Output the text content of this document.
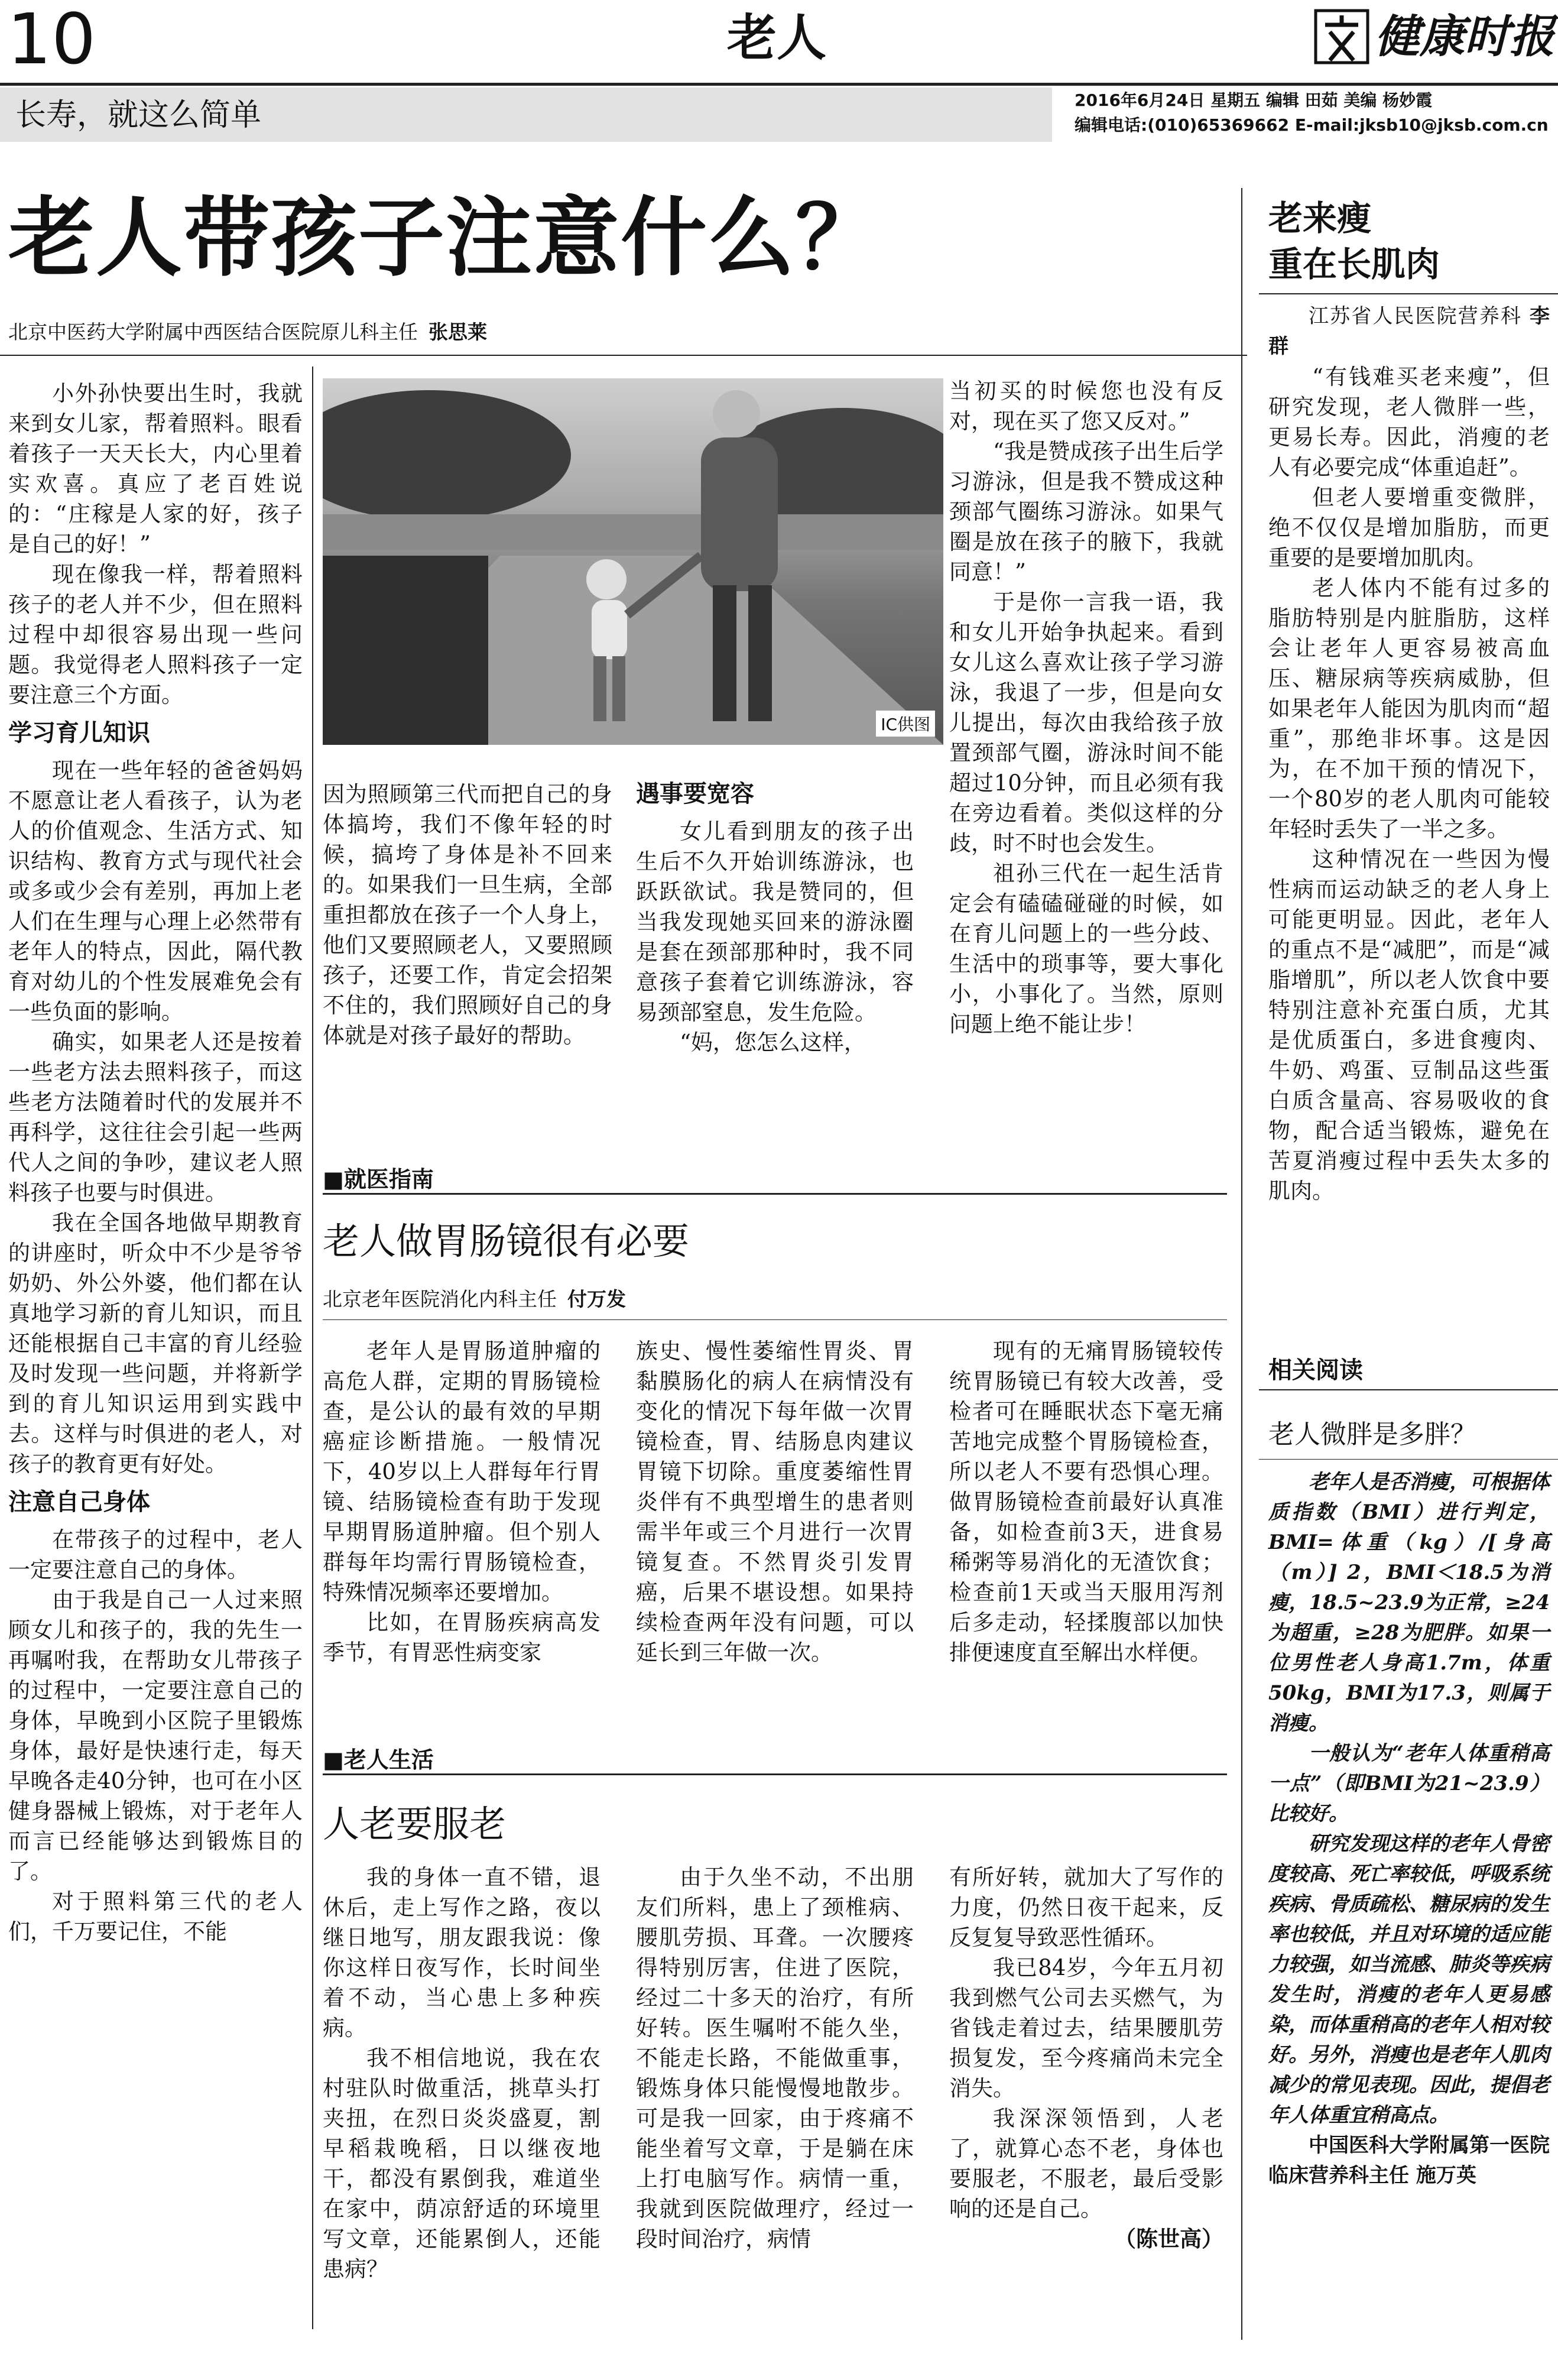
10	老人	健康时报
长寿，就这么简单	2016年6月24日 星期五 编辑 田茹 美编 杨妙霞
编辑电话:(010)65369662 E-mail:jksb10@jksb.com.cn
老人带孩子注意什么？
北京中医药大学附属中西医结合医院原儿科主任 张思莱
IC供图

小外孙快要出生时，我就来到女儿家，帮着照料。眼看着孩子一天天长大，内心里着实欢喜。真应了老百姓说的：“庄稼是人家的好，孩子是自己的好！”

现在像我一样，帮着照料孩子的老人并不少，但在照料过程中却很容易出现一些问题。我觉得老人照料孩子一定要注意三个方面。

学习育儿知识

现在一些年轻的爸爸妈妈不愿意让老人看孩子，认为老人的价值观念、生活方式、知识结构、教育方式与现代社会或多或少会有差别，再加上老人们在生理与心理上必然带有老年人的特点，因此，隔代教育对幼儿的个性发展难免会有一些负面的影响。

确实，如果老人还是按着一些老方法去照料孩子，而这些老方法随着时代的发展并不再科学，这往往会引起一些两代人之间的争吵，建议老人照料孩子也要与时俱进。

我在全国各地做早期教育的讲座时，听众中不少是爷爷奶奶、外公外婆，他们都在认真地学习新的育儿知识，而且还能根据自己丰富的育儿经验及时发现一些问题，并将新学到的育儿知识运用到实践中去。这样与时俱进的老人，对孩子的教育更有好处。

注意自己身体

在带孩子的过程中，老人一定要注意自己的身体。

由于我是自己一人过来照顾女儿和孩子的，我的先生一再嘱咐我，在帮助女儿带孩子的过程中，一定要注意自己的身体，早晚到小区院子里锻炼身体，最好是快速行走，每天早晚各走40分钟，也可在小区健身器械上锻炼，对于老年人而言已经能够达到锻炼目的了。

对于照料第三代的老人们，千万要记住，不能

因为照顾第三代而把自己的身体搞垮，我们不像年轻的时候，搞垮了身体是补不回来的。如果我们一旦生病，全部重担都放在孩子一个人身上，他们又要照顾老人，又要照顾孩子，还要工作，肯定会招架不住的，我们照顾好自己的身体就是对孩子最好的帮助。

遇事要宽容

女儿看到朋友的孩子出生后不久开始训练游泳，也跃跃欲试。我是赞同的，但当我发现她买回来的游泳圈是套在颈部那种时，我不同意孩子套着它训练游泳，容易颈部窒息，发生危险。

“妈，您怎么这样，

当初买的时候您也没有反对，现在买了您又反对。”

“我是赞成孩子出生后学习游泳，但是我不赞成这种颈部气圈练习游泳。如果气圈是放在孩子的腋下，我就同意！”

于是你一言我一语，我和女儿开始争执起来。看到女儿这么喜欢让孩子学习游泳，我退了一步，但是向女儿提出，每次由我给孩子放置颈部气圈，游泳时间不能超过10分钟，而且必须有我在旁边看着。类似这样的分歧，时不时也会发生。

祖孙三代在一起生活肯定会有磕磕碰碰的时候，如在育儿问题上的一些分歧、生活中的琐事等，要大事化小，小事化了。当然，原则问题上绝不能让步！

■就医指南
老人做胃肠镜很有必要
北京老年医院消化内科主任 付万发

老年人是胃肠道肿瘤的高危人群，定期的胃肠镜检查，是公认的最有效的早期癌症诊断措施。一般情况下，40岁以上人群每年行胃镜、结肠镜检查有助于发现早期胃肠道肿瘤。但个别人群每年均需行胃肠镜检查，特殊情况频率还要增加。

比如，在胃肠疾病高发季节，有胃恶性病变家

族史、慢性萎缩性胃炎、胃黏膜肠化的病人在病情没有变化的情况下每年做一次胃镜检查，胃、结肠息肉建议胃镜下切除。重度萎缩性胃炎伴有不典型增生的患者则需半年或三个月进行一次胃镜复查。不然胃炎引发胃癌，后果不堪设想。如果持续检查两年没有问题，可以延长到三年做一次。

现有的无痛胃肠镜较传统胃肠镜已有较大改善，受检者可在睡眠状态下毫无痛苦地完成整个胃肠镜检查，所以老人不要有恐惧心理。做胃肠镜检查前最好认真准备，如检查前3天，进食易稀粥等易消化的无渣饮食；检查前1天或当天服用泻剂后多走动，轻揉腹部以加快排便速度直至解出水样便。

■老人生活
人老要服老

我的身体一直不错，退休后，走上写作之路，夜以继日地写，朋友跟我说：像你这样日夜写作，长时间坐着不动，当心患上多种疾病。

我不相信地说，我在农村驻队时做重活，挑草头打夹扭，在烈日炎炎盛夏，割早稻栽晚稻，日以继夜地干，都没有累倒我，难道坐在家中，荫凉舒适的环境里写文章，还能累倒人，还能患病？

由于久坐不动，不出朋友们所料，患上了颈椎病、腰肌劳损、耳聋。一次腰疼得特别厉害，住进了医院，经过二十多天的治疗，有所好转。医生嘱咐不能久坐，不能走长路，不能做重事，锻炼身体只能慢慢地散步。可是我一回家，由于疼痛不能坐着写文章，于是躺在床上打电脑写作。病情一重，我就到医院做理疗，经过一段时间治疗，病情

有所好转，就加大了写作的力度，仍然日夜干起来，反反复复导致恶性循环。

我已84岁，今年五月初我到燃气公司去买燃气，为省钱走着过去，结果腰肌劳损复发，至今疼痛尚未完全消失。

我深深领悟到，人老了，就算心态不老，身体也要服老，不服老，最后受影响的还是自己。

（陈世高）
老来瘦
重在长肌肉

江苏省人民医院营养科 李群

“有钱难买老来瘦”，但研究发现，老人微胖一些，更易长寿。因此，消瘦的老人有必要完成“体重追赶”。

但老人要增重变微胖，绝不仅仅是增加脂肪，而更重要的是要增加肌肉。

老人体内不能有过多的脂肪特别是内脏脂肪，这样会让老年人更容易被高血压、糖尿病等疾病威胁，但如果老年人能因为肌肉而“超重”，那绝非坏事。这是因为，在不加干预的情况下，一个80岁的老人肌肉可能较年轻时丢失了一半之多。

这种情况在一些因为慢性病而运动缺乏的老人身上可能更明显。因此，老年人的重点不是“减肥”，而是“减脂增肌”，所以老人饮食中要特别注意补充蛋白质，尤其是优质蛋白，多进食瘦肉、牛奶、鸡蛋、豆制品这些蛋白质含量高、容易吸收的食物，配合适当锻炼，避免在苦夏消瘦过程中丢失太多的肌肉。

相关阅读
老人微胖是多胖？

老年人是否消瘦，可根据体质指数（BMI）进行判定，BMI=体重（kg）/[身高（m）] 2，BMI＜18.5为消瘦，18.5~23.9为正常，≥24为超重，≥28为肥胖。如果一位男性老人身高1.7m，体重50kg，BMI为17.3，则属于消瘦。

一般认为“老年人体重稍高一点”（即BMI为21~23.9）比较好。

研究发现这样的老年人骨密度较高、死亡率较低，呼吸系统疾病、骨质疏松、糖尿病的发生率也较低，并且对环境的适应能力较强，如当流感、肺炎等疾病发生时，消瘦的老年人更易感染，而体重稍高的老年人相对较好。另外，消瘦也是老年人肌肉减少的常见表现。因此，提倡老年人体重宜稍高点。

中国医科大学附属第一医院临床营养科主任 施万英
